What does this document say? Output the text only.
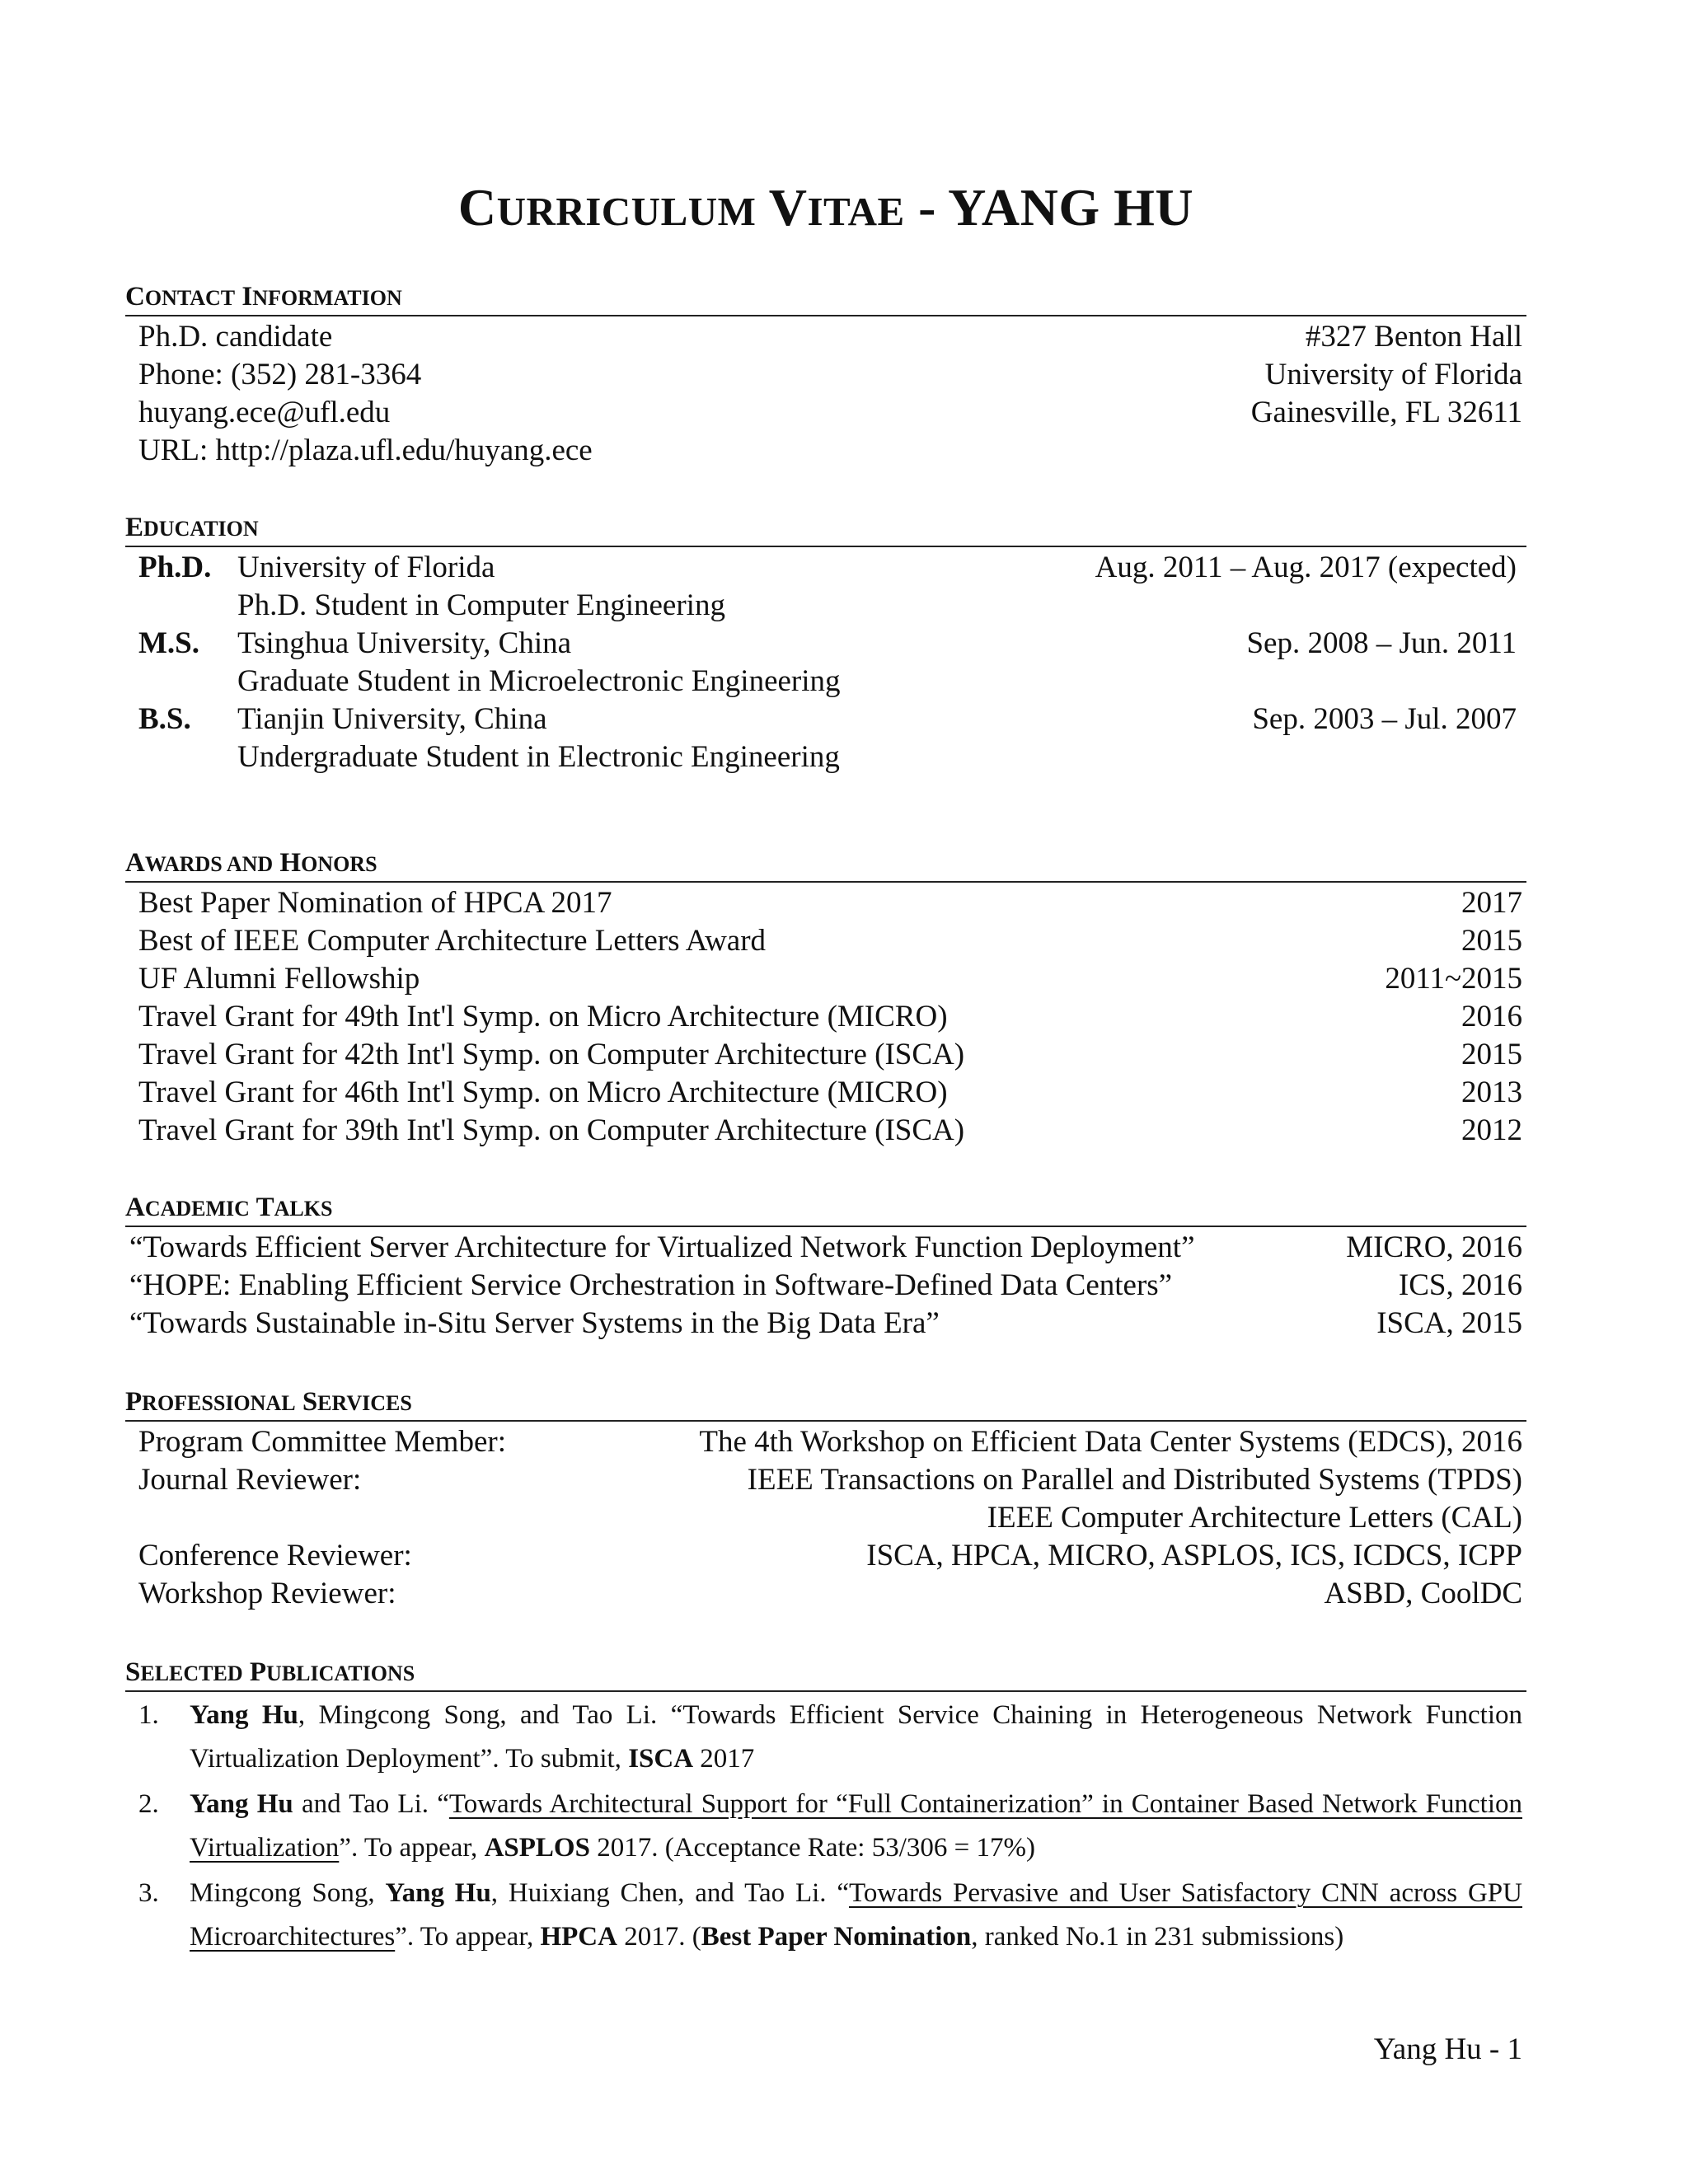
CURRICULUM VITAE - YANG HU
CONTACT INFORMATION
Ph.D. candidate	#327 Benton Hall
Phone: (352) 281-3364	University of Florida
huyang.ece@ufl.edu	Gainesville, FL 32611
URL: http://plaza.ufl.edu/huyang.ece
EDUCATION
Ph.D. University of Florida	Aug. 2011 – Aug. 2017 (expected)
Ph.D. Student in Computer Engineering
M.S.	Tsinghua University, China	Sep. 2008 – Jun. 2011
Graduate Student in Microelectronic Engineering
B.S.	Tianjin University, China	Sep. 2003 – Jul. 2007
Undergraduate Student in Electronic Engineering
AWARDS AND HONORS
Best Paper Nomination of HPCA 2017	2017
Best of IEEE Computer Architecture Letters Award	2015
UF Alumni Fellowship	2011~2015
Travel Grant for 49th Int'l Symp. on Micro Architecture (MICRO)	2016
Travel Grant for 42th Int'l Symp. on Computer Architecture (ISCA)	2015
Travel Grant for 46th Int'l Symp. on Micro Architecture (MICRO)	2013
Travel Grant for 39th Int'l Symp. on Computer Architecture (ISCA)	2012
ACADEMIC TALKS
“Towards Efficient Server Architecture for Virtualized Network Function Deployment”	MICRO, 2016
“HOPE: Enabling Efficient Service Orchestration in Software-Defined Data Centers”	ICS, 2016
“Towards Sustainable in-Situ Server Systems in the Big Data Era”	ISCA, 2015
PROFESSIONAL SERVICES
Program Committee Member:	The 4th Workshop on Efficient Data Center Systems (EDCS), 2016
Journal Reviewer:	IEEE Transactions on Parallel and Distributed Systems (TPDS)
IEEE Computer Architecture Letters (CAL)
Conference Reviewer:	ISCA, HPCA, MICRO, ASPLOS, ICS, ICDCS, ICPP
Workshop Reviewer:	ASBD, CoolDC
SELECTED PUBLICATIONS
1.	Yang Hu, Mingcong Song, and Tao Li. “Towards Efficient Service Chaining in Heterogeneous Network Function Virtualization Deployment”. To submit, ISCA 2017
2.	Yang Hu and Tao Li. “Towards Architectural Support for “Full Containerization” in Container Based Network Function Virtualization”. To appear, ASPLOS 2017. (Acceptance Rate: 53/306 = 17%)
3.	Mingcong Song, Yang Hu, Huixiang Chen, and Tao Li. “Towards Pervasive and User Satisfactory CNN across GPU Microarchitectures”. To appear, HPCA 2017. (Best Paper Nomination, ranked No.1 in 231 submissions)
Yang Hu - 1
